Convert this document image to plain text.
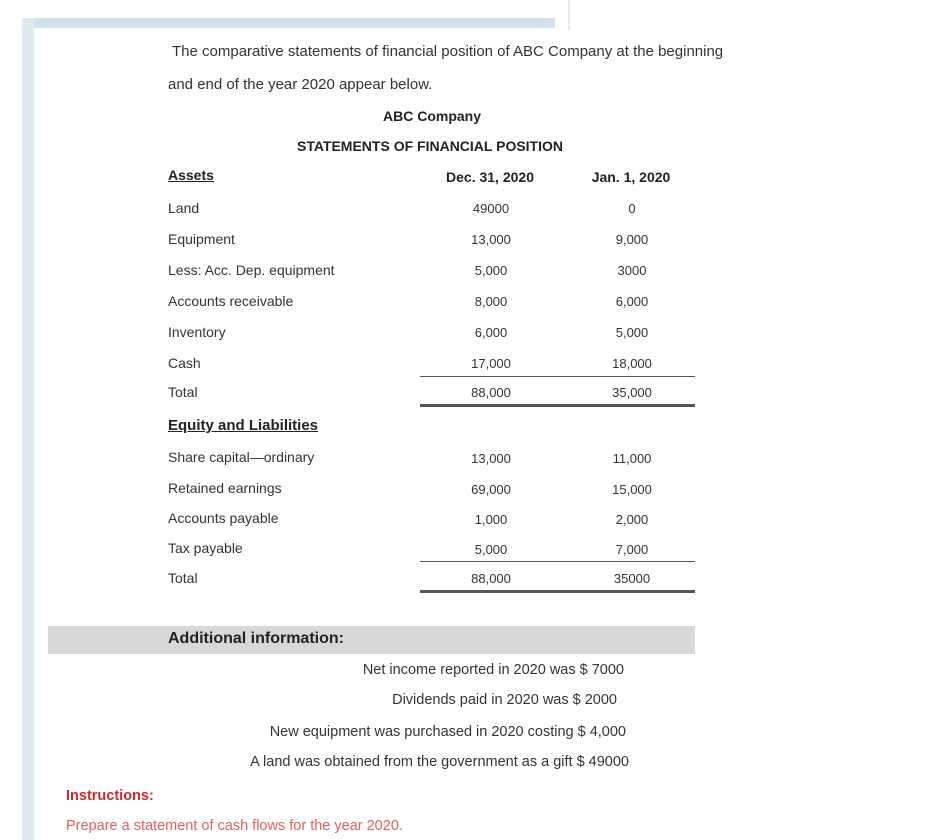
The comparative statements of financial position of ABC Company at the beginning
and end of the year 2020 appear below.
ABC Company
STATEMENTS OF FINANCIAL POSITION
Assets	Dec. 31, 2020	Jan. 1, 2020
Land	49000	0
Equipment	13,000	9,000
Less: Acc. Dep. equipment	5,000	3000
Accounts receivable	8,000	6,000
Inventory	6,000	5,000
Cash	17,000	18,000
Total	88,000	35,000
Equity and Liabilities
Share capital—ordinary	13,000	11,000
Retained earnings	69,000	15,000
Accounts payable	1,000	2,000
Tax payable	5,000	7,000
Total	88,000	35000
Additional information:
Net income reported in 2020 was $ 7000
Dividends paid in 2020 was $ 2000
New equipment was purchased in 2020 costing $ 4,000
A land was obtained from the government as a gift $ 49000
Instructions:
Prepare a statement of cash flows for the year 2020.
